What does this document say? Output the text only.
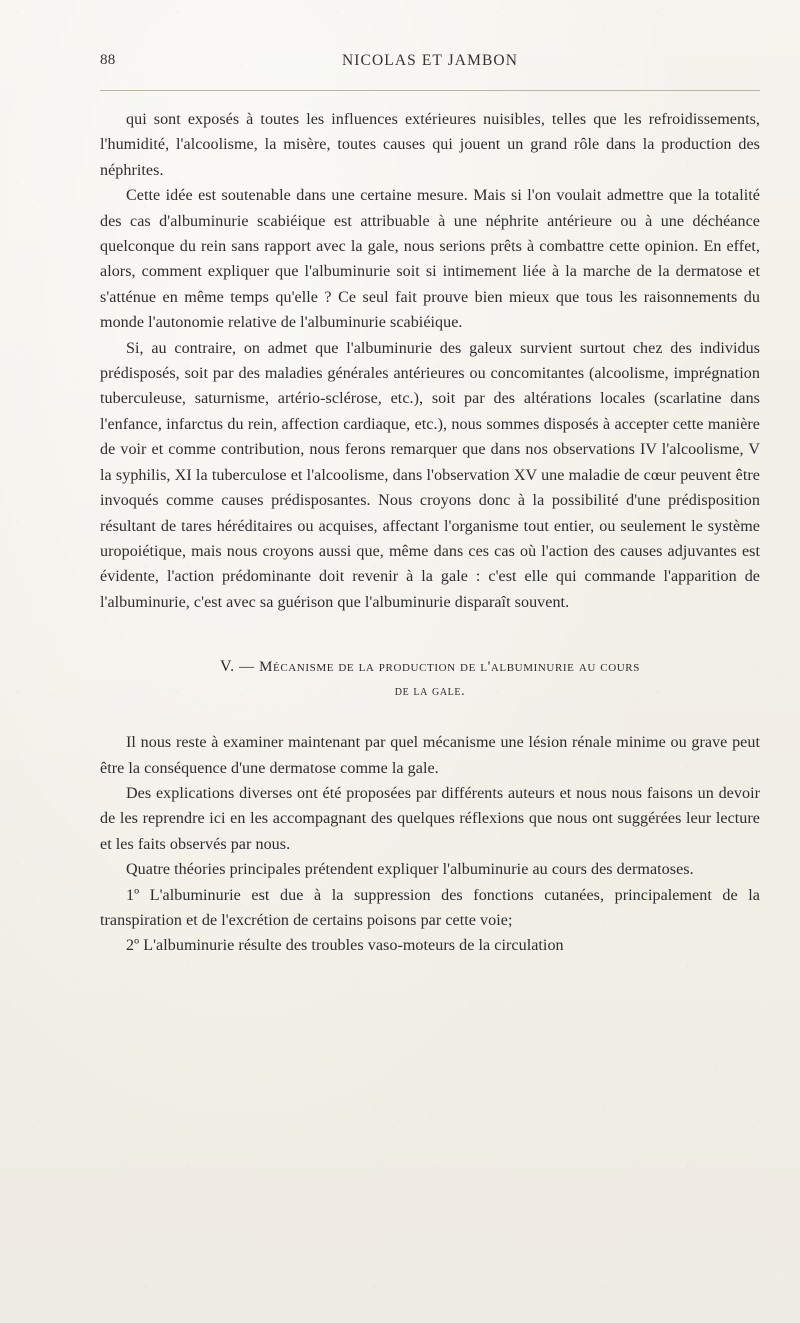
88	NICOLAS ET JAMBON

qui sont exposés à toutes les influences extérieures nuisibles, telles que les refroidissements, l'humidité, l'alcoolisme, la misère, toutes causes qui jouent un grand rôle dans la production des néphrites.

Cette idée est soutenable dans une certaine mesure. Mais si l'on voulait admettre que la totalité des cas d'albuminurie scabiéique est attribuable à une néphrite antérieure ou à une déchéance quelconque du rein sans rapport avec la gale, nous serions prêts à combattre cette opinion. En effet, alors, comment expliquer que l'albuminurie soit si intimement liée à la marche de la dermatose et s'atténue en même temps qu'elle ? Ce seul fait prouve bien mieux que tous les raisonnements du monde l'autonomie relative de l'albuminurie scabiéique.

Si, au contraire, on admet que l'albuminurie des galeux survient surtout chez des individus prédisposés, soit par des maladies générales antérieures ou concomitantes (alcoolisme, imprégnation tuberculeuse, saturnisme, artério-sclérose, etc.), soit par des altérations locales (scarlatine dans l'enfance, infarctus du rein, affection cardiaque, etc.), nous sommes disposés à accepter cette manière de voir et comme contribution, nous ferons remarquer que dans nos observations IV l'alcoolisme, V la syphilis, XI la tuberculose et l'alcoolisme, dans l'observation XV une maladie de cœur peuvent être invoqués comme causes prédisposantes. Nous croyons donc à la possibilité d'une prédisposition résultant de tares héréditaires ou acquises, affectant l'organisme tout entier, ou seulement le système uropoiétique, mais nous croyons aussi que, même dans ces cas où l'action des causes adjuvantes est évidente, l'action prédominante doit revenir à la gale : c'est elle qui commande l'apparition de l'albuminurie, c'est avec sa guérison que l'albuminurie disparaît souvent.

V. — Mécanisme de la production de l'albuminurie au cours
de la gale.

Il nous reste à examiner maintenant par quel mécanisme une lésion rénale minime ou grave peut être la conséquence d'une dermatose comme la gale.

Des explications diverses ont été proposées par différents auteurs et nous nous faisons un devoir de les reprendre ici en les accompagnant des quelques réflexions que nous ont suggérées leur lecture et les faits observés par nous.

Quatre théories principales prétendent expliquer l'albuminurie au cours des dermatoses.

1º L'albuminurie est due à la suppression des fonctions cutanées, principalement de la transpiration et de l'excrétion de certains poisons par cette voie;

2º L'albuminurie résulte des troubles vaso-moteurs de la circulation
